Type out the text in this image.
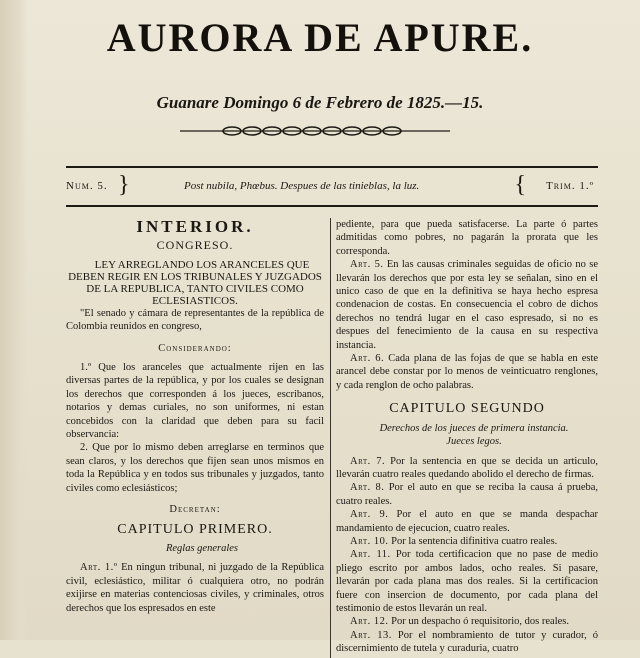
AURORA DE APURE.
Guanare Domingo 6 de Febrero de 1825.—15.
Num. 5. }	Post nubila, Phœbus. Despues de las tinieblas, la luz.	{ Trim. 1.º
INTERIOR.
CONGRESO.

LEY ARREGLANDO LOS ARANCELES QUE DEBEN REGIR EN LOS TRIBUNALES Y JUZGADOS DE LA REPUBLICA, TANTO CIVILES COMO ECLESIASTICOS.

"El senado y cámara de representantes de la república de Colombia reunidos en congreso,

Considerando:

1.º Que los aranceles que actualmente rijen en las diversas partes de la república, y por los cuales se designan los derechos que corresponden á los jueces, escribanos, notarios y demas curiales, no son uniformes, ni estan concebidos con la claridad que deben para su facil observancia:

2. Que por lo mismo deben arreglarse en terminos que sean claros, y los derechos que fijen sean unos mismos en toda la República y en todos sus tribunales y juzgados, tanto civiles como eclesiásticos;

Decretan:
CAPITULO PRIMERO.

Reglas generales

Art. 1.º En ningun tribunal, ni juzgado de la República civil, eclesiástico, militar ó cualquiera otro, no podrán exijirse en materias contenciosas civiles, y criminales, otros derechos que los espresados en este

pediente, para que pueda satisfacerse. La parte ó partes admitidas como pobres, no pagarán la prorata que les corresponda.

Art. 5. En las causas criminales seguidas de oficio no se llevarán los derechos que por esta ley se señalan, sino en el unico caso de que en la definitiva se haya hecho espresa condenacion de costas. En consecuencia el cobro de dichos derechos no tendrá lugar en el caso espresado, si no es despues del fenecimiento de la causa en su respectiva instancia.

Art. 6. Cada plana de las fojas de que se habla en este arancel debe constar por lo menos de veinticuatro renglones, y cada renglon de ocho palabras.

CAPITULO SEGUNDO

Derechos de los jueces de primera instancia.

Jueces legos.

Art. 7. Por la sentencia en que se decida un articulo, llevarán cuatro reales quedando abolido el derecho de firmas.

Art. 8. Por el auto en que se reciba la causa á prueba, cuatro reales.

Art. 9. Por el auto en que se manda despachar mandamiento de ejecucion, cuatro reales.

Art. 10. Por la sentencia difinitiva cuatro reales.

Art. 11. Por toda certificacion que no pase de medio pliego escrito por ambos lados, ocho reales. Si pasare, llevarán por cada plana mas dos reales. Si la certificacion fuere con insercion de documento, por cada plana del testimonio de estos llevarán un real.

Art. 12. Por un despacho ó requisitorio, dos reales.

Art. 13. Por el nombramiento de tutor y curador, ó discernimiento de tutela y curaduria, cuatro
